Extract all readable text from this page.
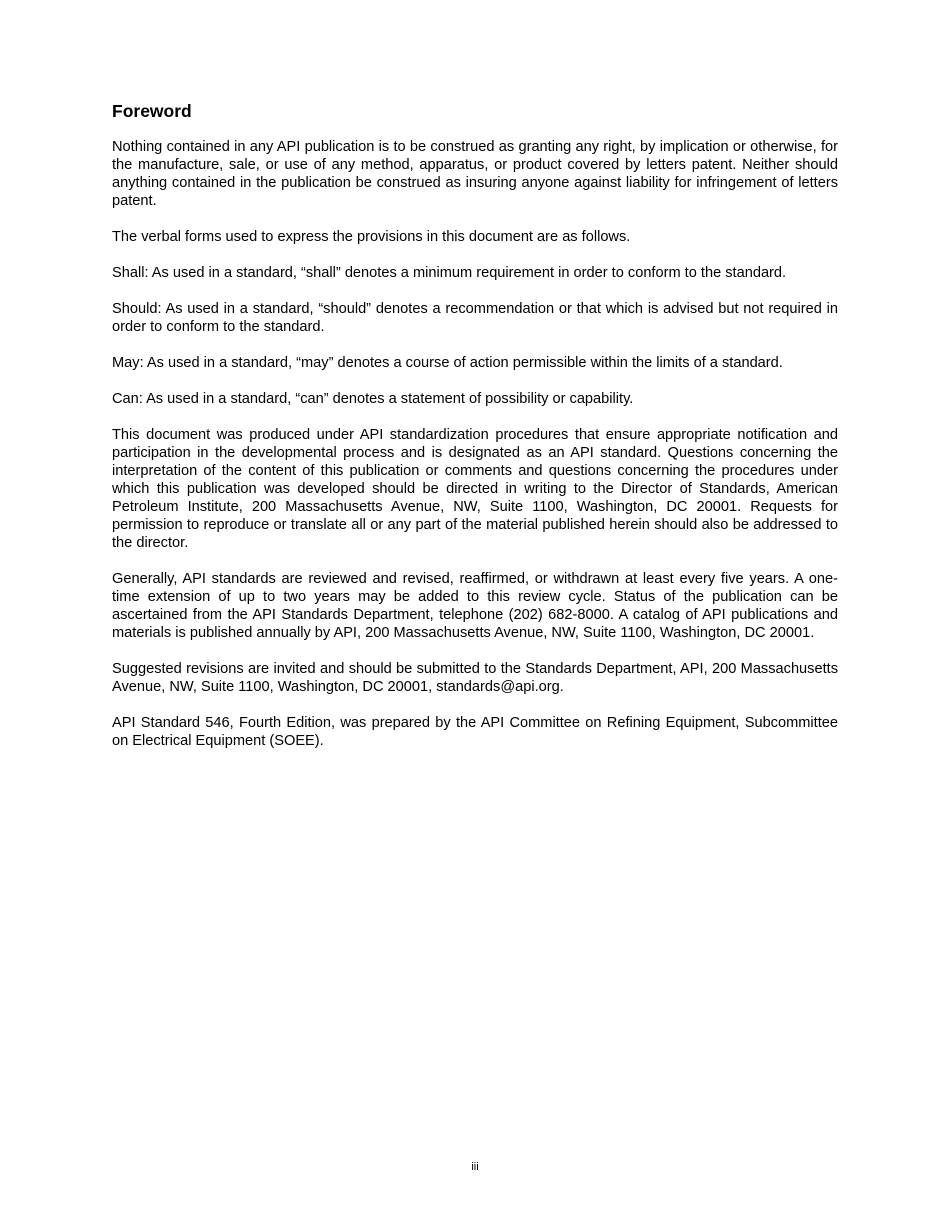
Foreword

Nothing contained in any API publication is to be construed as granting any right, by implication or otherwise, for the manufacture, sale, or use of any method, apparatus, or product covered by letters patent. Neither should anything contained in the publication be construed as insuring anyone against liability for infringement of letters patent.

The verbal forms used to express the provisions in this document are as follows.

Shall: As used in a standard, “shall” denotes a minimum requirement in order to conform to the standard.

Should: As used in a standard, “should” denotes a recommendation or that which is advised but not required in order to conform to the standard.

May: As used in a standard, “may” denotes a course of action permissible within the limits of a standard.

Can: As used in a standard, “can” denotes a statement of possibility or capability.

This document was produced under API standardization procedures that ensure appropriate notification and participation in the developmental process and is designated as an API standard. Questions concerning the interpretation of the content of this publication or comments and questions concerning the procedures under which this publication was developed should be directed in writing to the Director of Standards, American Petroleum Institute, 200 Massachusetts Avenue, NW, Suite 1100, Washington, DC 20001. Requests for permission to reproduce or translate all or any part of the material published herein should also be addressed to the director.

Generally, API standards are reviewed and revised, reaffirmed, or withdrawn at least every five years. A one-time extension of up to two years may be added to this review cycle. Status of the publication can be ascertained from the API Standards Department, telephone (202) 682-8000. A catalog of API publications and materials is published annually by API, 200 Massachusetts Avenue, NW, Suite 1100, Washington, DC 20001.

Suggested revisions are invited and should be submitted to the Standards Department, API, 200 Massachusetts Avenue, NW, Suite 1100, Washington, DC 20001, standards@api.org.

API Standard 546, Fourth Edition, was prepared by the API Committee on Refining Equipment, Subcommittee on Electrical Equipment (SOEE).

iii
